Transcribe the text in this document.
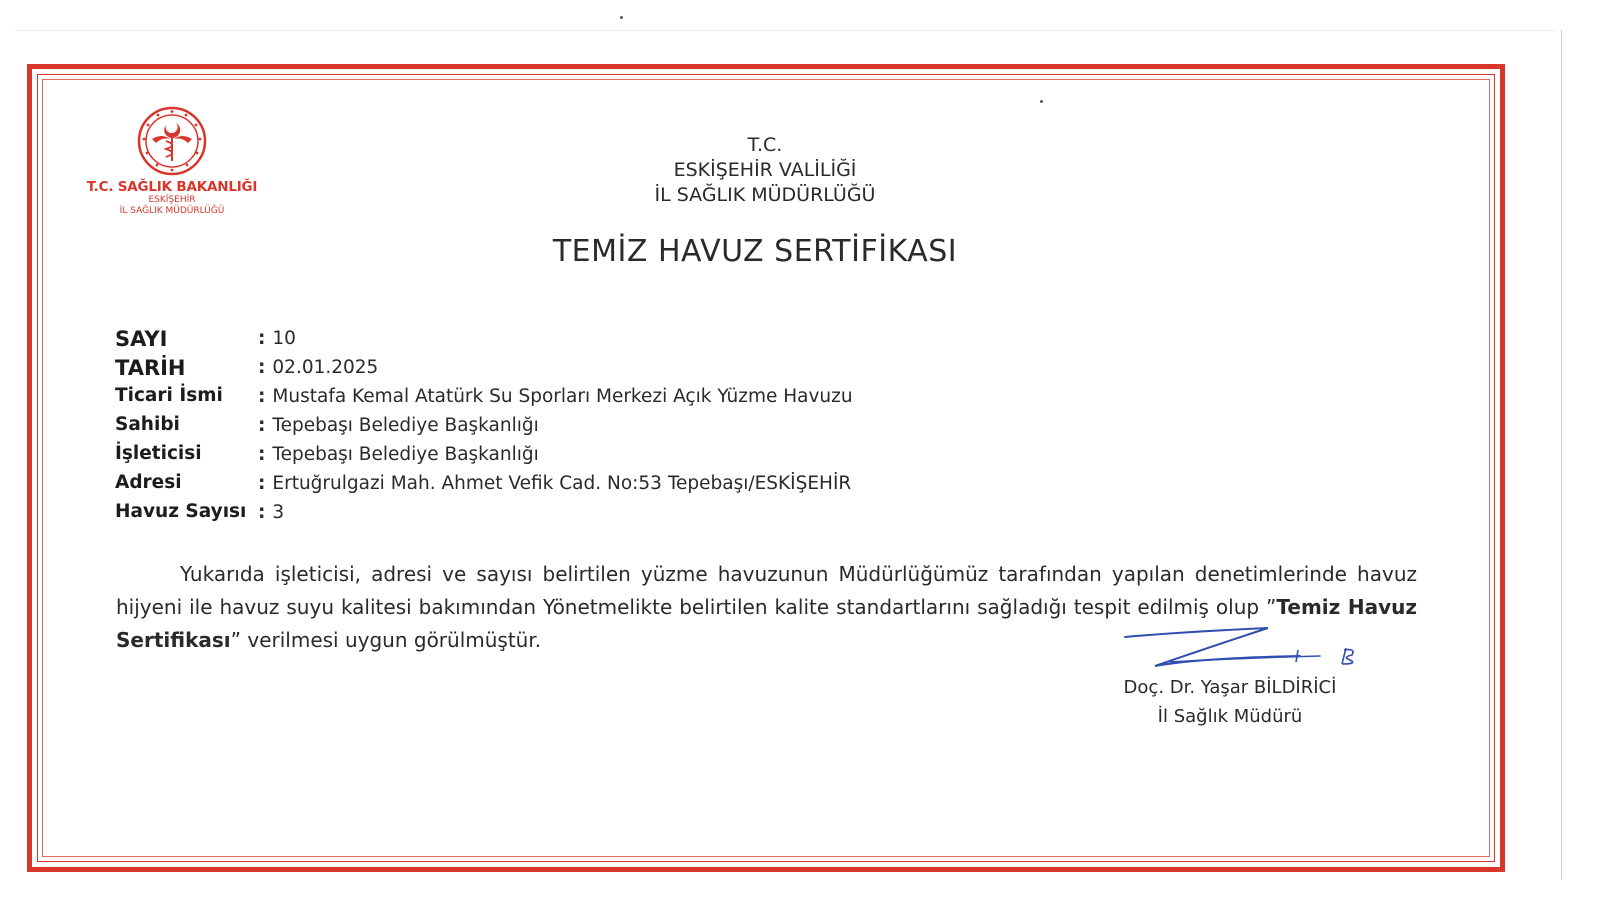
T.C. SAĞLIK BAKANLIĞI
ESKİŞEHİR
İL SAĞLIK MÜDÜRLÜĞÜ
T.C.
ESKİŞEHİR VALİLİĞİ
İL SAĞLIK MÜDÜRLÜĞÜ
TEMİZ HAVUZ SERTİFİKASI
SAYI	: 10
TARİH	: 02.01.2025
Ticari İsmi : Mustafa Kemal Atatürk Su Sporları Merkezi Açık Yüzme Havuzu
Sahibi	: Tepebaşı Belediye Başkanlığı
İşleticisi	: Tepebaşı Belediye Başkanlığı
Adresi	: Ertuğrulgazi Mah. Ahmet Vefik Cad. No:53 Tepebaşı/ESKİŞEHİR
Havuz Sayısı : 3
Yukarıda işleticisi, adresi ve sayısı belirtilen yüzme havuzunun Müdürlüğümüz tarafından yapılan denetimlerinde havuz hijyeni ile havuz suyu kalitesi bakımından Yönetmelikte belirtilen kalite standartlarını sağladığı tespit edilmiş olup ”Temiz Havuz Sertifikası” verilmesi uygun görülmüştür.
Doç. Dr. Yaşar BİLDİRİCİ
İl Sağlık Müdürü
